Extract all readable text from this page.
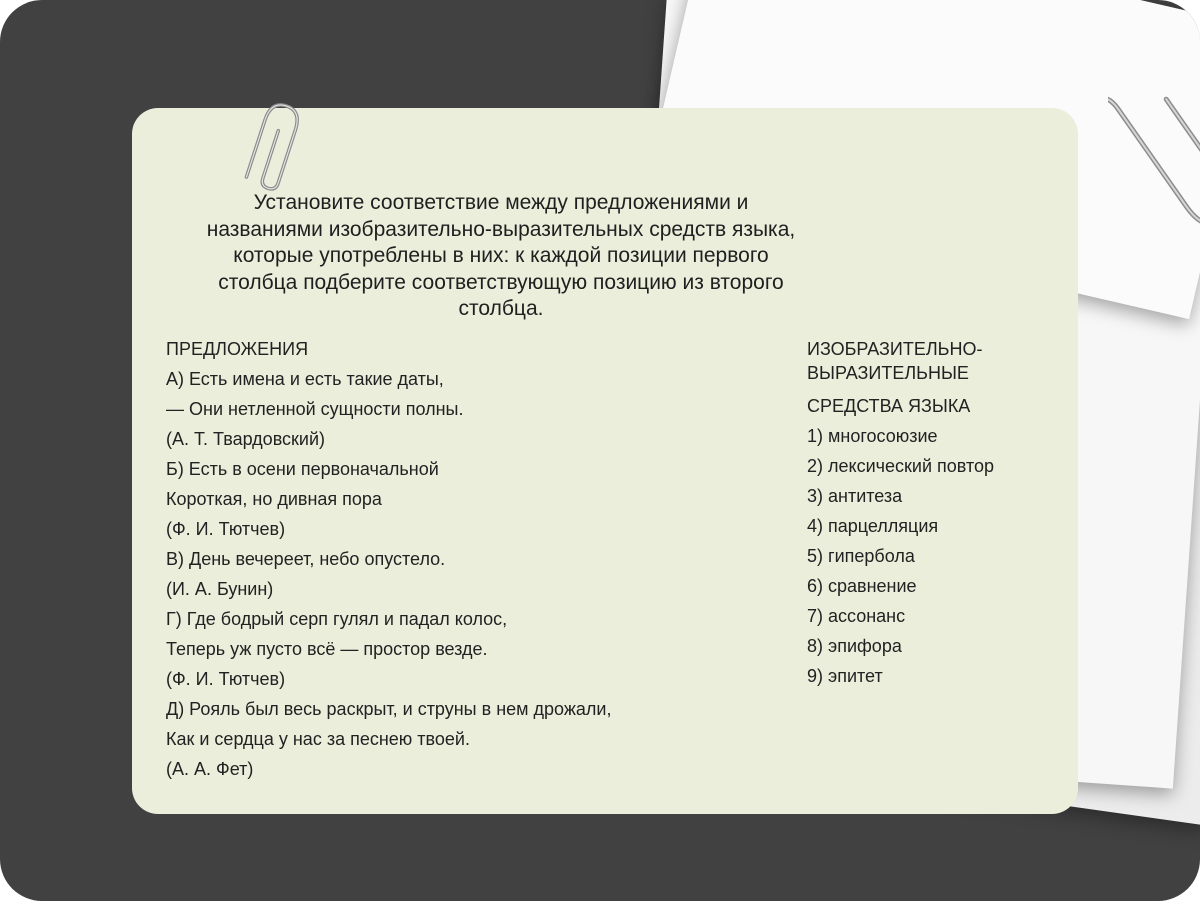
Установите соответствие между предложениями и названиями изобразительно-выразительных средств языка, которые употреблены в них: к каждой позиции первого столбца подберите соответствующую позицию из второго столбца.
ПРЕДЛОЖЕНИЯ
А) Есть имена и есть такие даты,
— Они нетленной сущности полны.
(А. Т. Твардовский)
Б) Есть в осени первоначальной
Короткая, но дивная пора
(Ф. И. Тютчев)
В) День вечереет, небо опустело.
(И. А. Бунин)
Г) Где бодрый серп гулял и падал колос,
Теперь уж пусто всё — простор везде.
(Ф. И. Тютчев)
Д) Рояль был весь раскрыт, и струны в нем дрожали,
Как и сердца у нас за песнею твоей.
(А. А. Фет)
ИЗОБРАЗИТЕЛЬНО-
ВЫРАЗИТЕЛЬНЫЕ
СРЕДСТВА ЯЗЫКА
1) многосоюзие
2) лексический повтор
3) антитеза
4) парцелляция
5) гипербола
6) сравнение
7) ассонанс
8) эпифора
9) эпитет
